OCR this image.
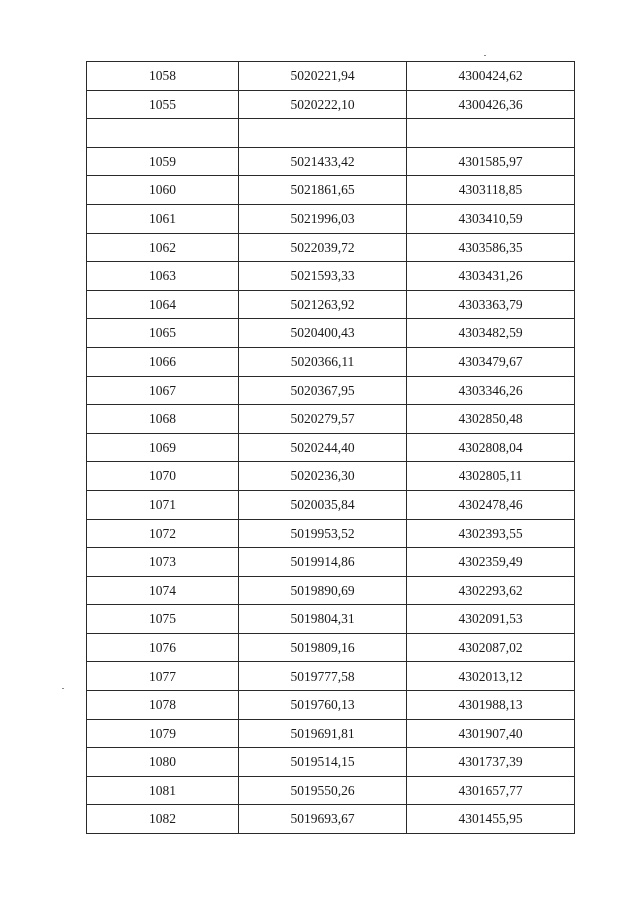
1058	5020221,94	4300424,62
1055	5020222,10	4300426,36

1059	5021433,42	4301585,97
1060	5021861,65	4303118,85
1061	5021996,03	4303410,59
1062	5022039,72	4303586,35
1063	5021593,33	4303431,26
1064	5021263,92	4303363,79
1065	5020400,43	4303482,59
1066	5020366,11	4303479,67
1067	5020367,95	4303346,26
1068	5020279,57	4302850,48
1069	5020244,40	4302808,04
1070	5020236,30	4302805,11
1071	5020035,84	4302478,46
1072	5019953,52	4302393,55
1073	5019914,86	4302359,49
1074	5019890,69	4302293,62
1075	5019804,31	4302091,53
1076	5019809,16	4302087,02
1077	5019777,58	4302013,12
1078	5019760,13	4301988,13
1079	5019691,81	4301907,40
1080	5019514,15	4301737,39
1081	5019550,26	4301657,77
1082	5019693,67	4301455,95
